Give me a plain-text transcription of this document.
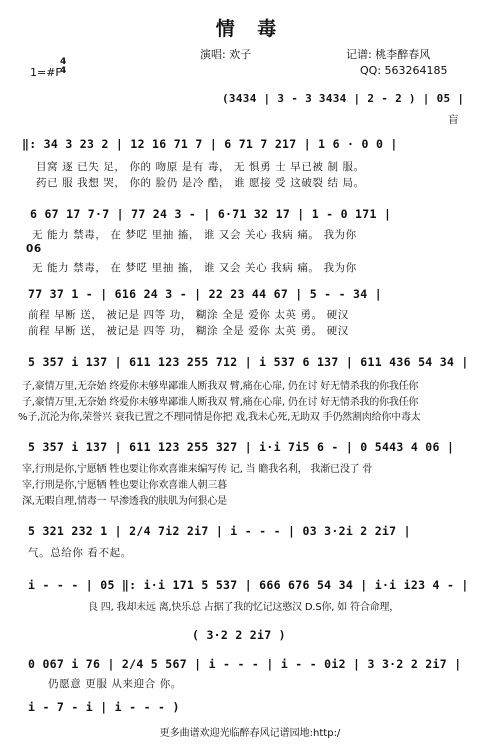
情 毒
演唱: 欢子	记谱: 桃李醉春风
QQ: 563264185
1=#F
4
4
(3434 | 3 - 3 3434 | 2 - 2 ) | 05 |
盲
‖: 34 3 23 2 | 12 16 71 7 | 6 71 7 217 | 1 6 · 0 0 |
目窝 逐 已失 足， 你的 吻原 是有 毒， 无 惧勇 士 早已被 制 服。
药已 服 我想 哭， 你的 脸仍 是冷 酷， 谁 愿接 受 这破裂 结 局。
6 67 17 7·7 | 77 24 3 - | 6·71 32 17 | 1 - 0 171 |
无 能力 禁毒， 在 梦呓 里抽 搐， 谁 又会 关心 我病 痛。 我为你
06
无 能力 禁毒， 在 梦呓 里抽 搐， 谁 又会 关心 我病 痛。 我为你
77 37 1 - | 616 24 3 - | 22 23 44 67 | 5 - - 34 |
前程 早断 送， 被记是 四等 功， 糊涂 全是 爱你 太英 勇。 硬汉
前程 早断 送， 被记是 四等 功， 糊涂 全是 爱你 太英 勇。 硬汉
5 357 i 137 | 611 123 255 712 | i 537 6 137 | 611 436 54 34 |
子,豪情万里,无奈始 终爱你未够卑鄙谁人断我双 臂,痛在心扉, 仍在讨 好无情杀我的你我任你
子,豪情万里,无奈始 终爱你未够卑鄙谁人断我双 臂,痛在心扉, 仍在讨 好无情杀我的你我任你
%子,沉沦为你,荣誉兴 衰我已置之不理同情是你把 戏,我未心死,无助双 手仍然割肉给你中毒太
5 357 i 137 | 611 123 255 327 | i·i 7i5 6 - | 0 5443 4 06 |
宰,行刑是你,宁愿牺 牲也要让你欢喜谁来编写传 记, 当 瞻我名利， 我渐已没了 骨
宰,行刑是你,宁愿牺 牲也要让你欢喜谁人朝三暮
深,无暇自理,情毒一 早渗透我的肤肌为何狠心是
5 321 232 1 | 2/4 7i2 2i7 | i - - - | 03 3·2i 2 2i7 |
气。总给你 看不起。
i - - - | 05 ‖: i·i 171 5 537 | 666 676 54 34 | i·i i23 4 - |
良 四, 我却未远 离,快乐总 占据了我的忆记这憨汉 D.S你, 如 符合命理，
( 3·2 2 2i7 )
0 067 i 76 | 2/4 5 567 | i - - - | i - - 0i2 | 3 3·2 2 2i7 |
仍愿意 更服 从来迎合 你。
i - 7 - i | i - - - )
更多曲谱欢迎光临醉春风记谱园地:http:/
